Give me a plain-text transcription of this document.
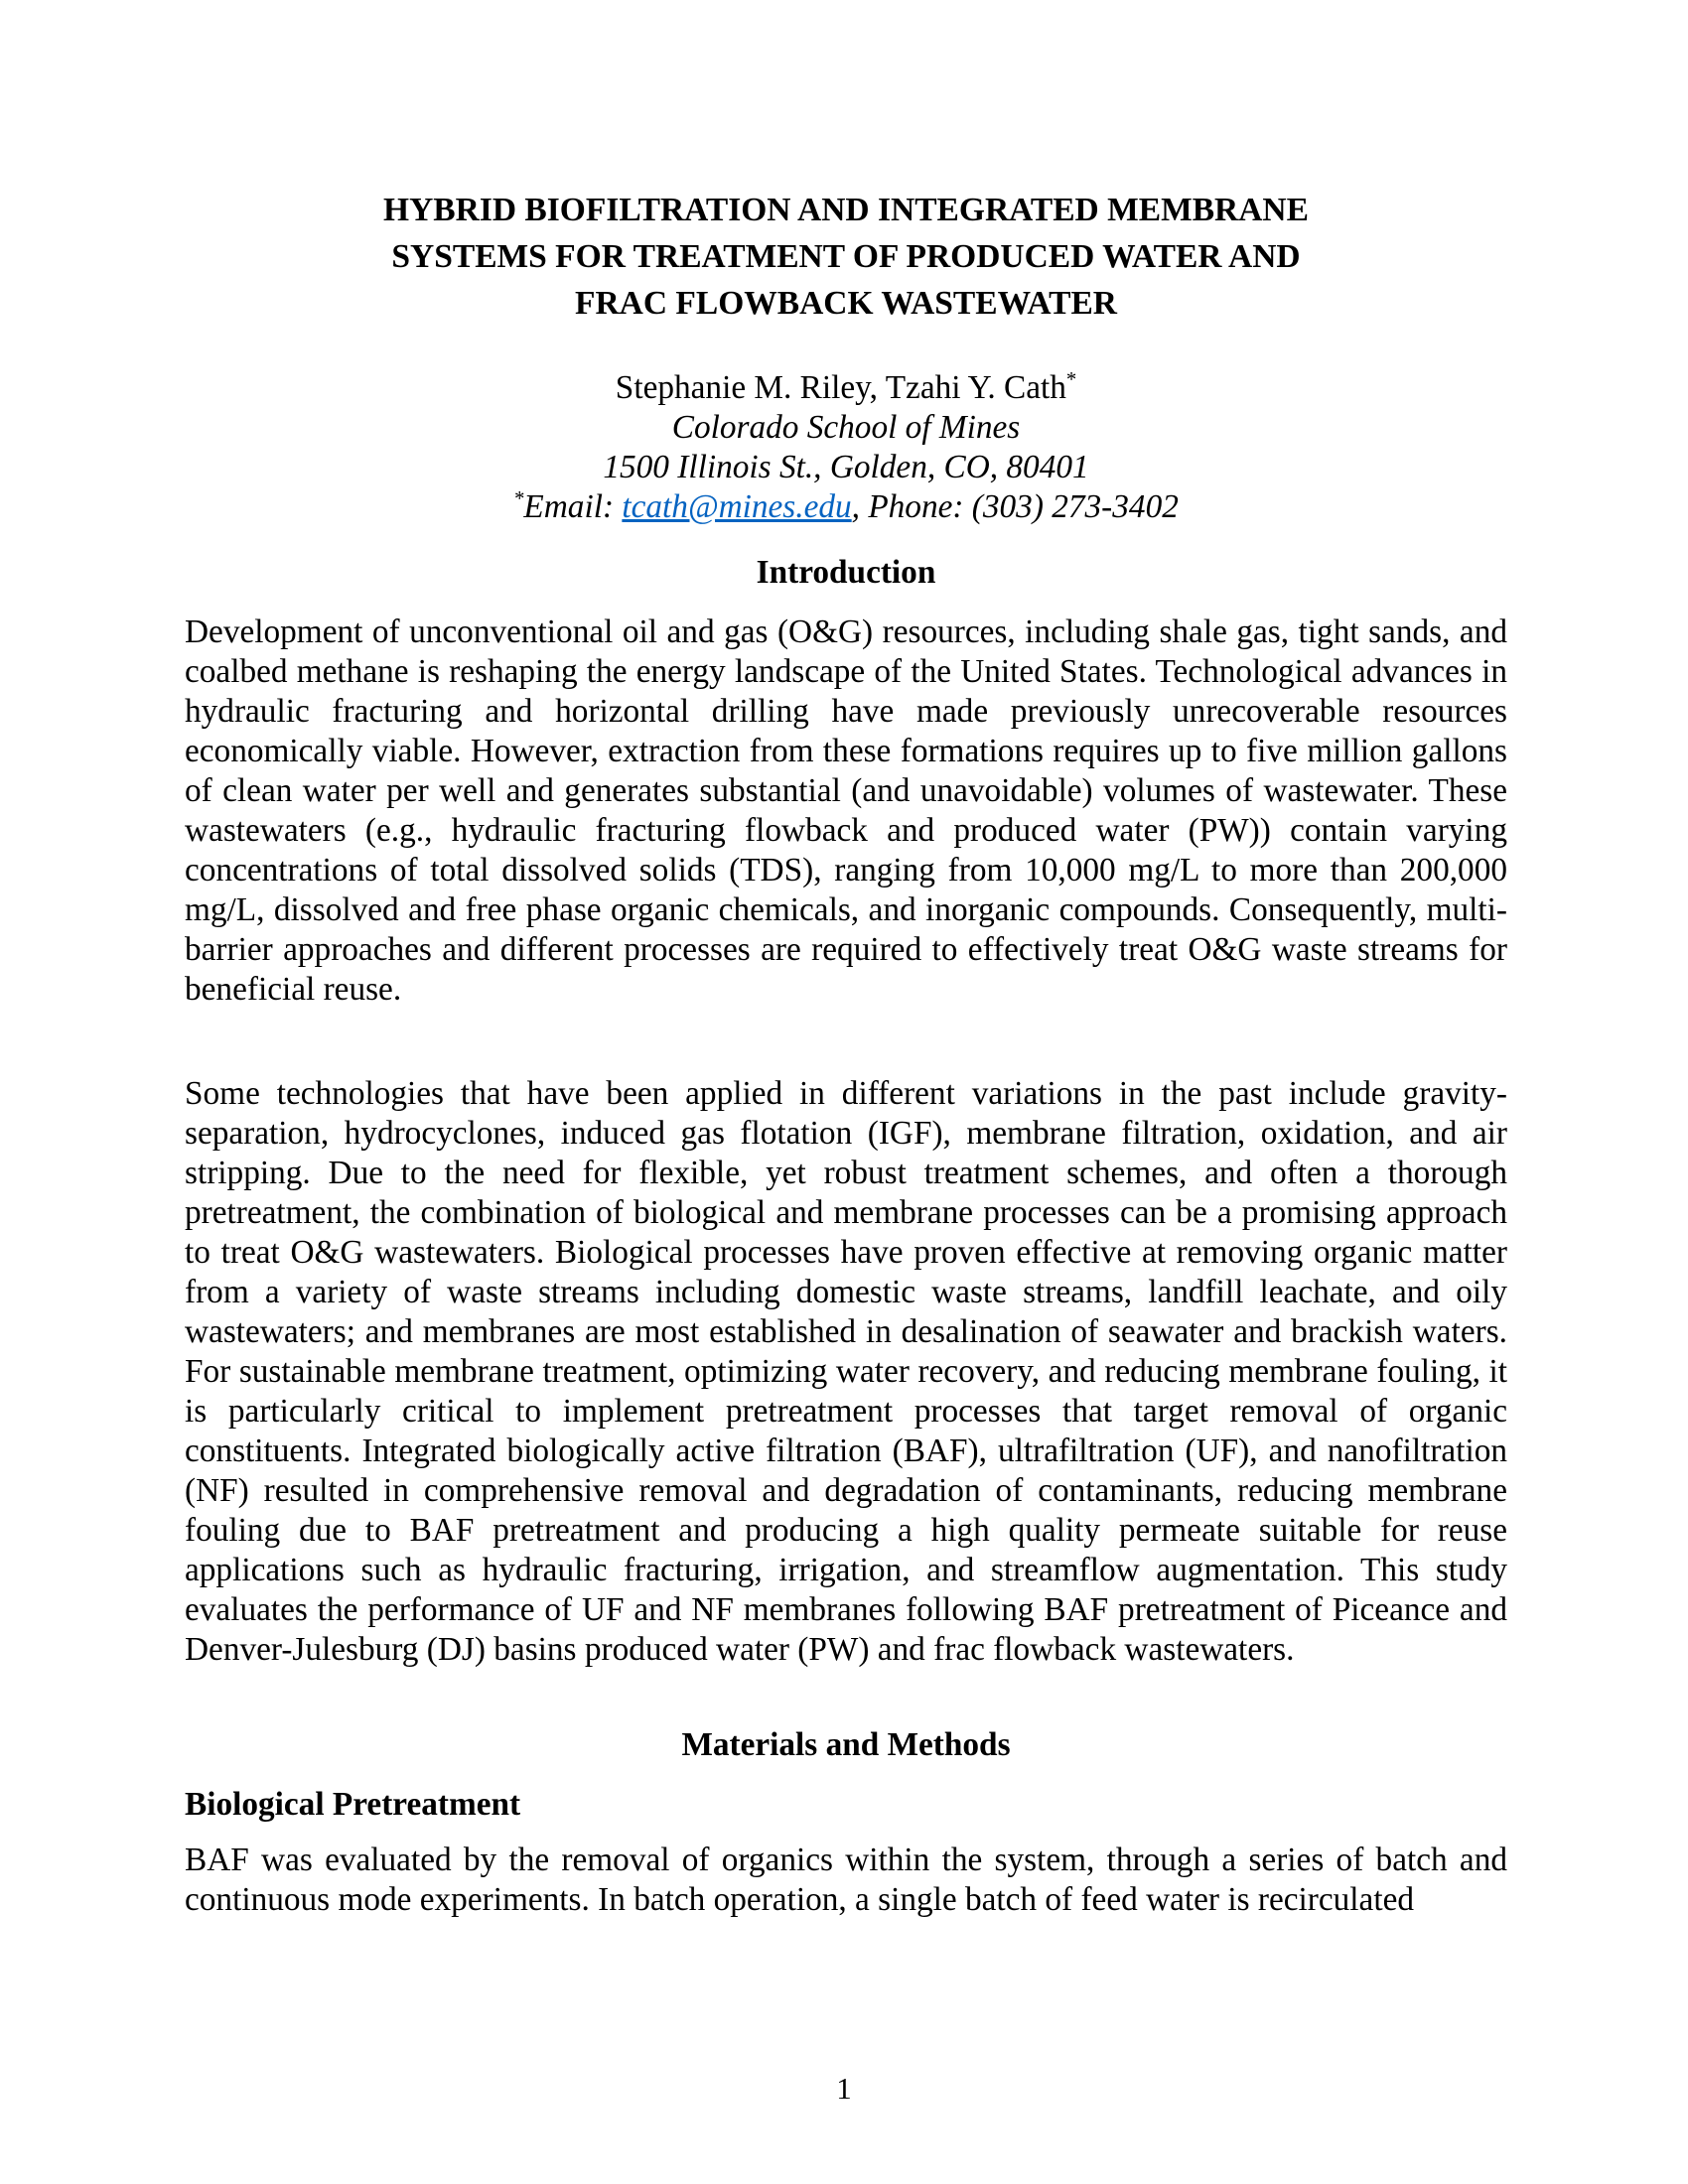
HYBRID BIOFILTRATION AND INTEGRATED MEMBRANE
SYSTEMS FOR TREATMENT OF PRODUCED WATER AND
FRAC FLOWBACK WASTEWATER
Stephanie M. Riley, Tzahi Y. Cath*
Colorado School of Mines
1500 Illinois St., Golden, CO, 80401
*Email: tcath@mines.edu, Phone: (303) 273-3402
Introduction

Development of unconventional oil and gas (O&G) resources, including shale gas, tight sands, and coalbed methane is reshaping the energy landscape of the United States. Technological advances in hydraulic fracturing and horizontal drilling have made previously unrecoverable resources economically viable. However, extraction from these formations requires up to five million gallons of clean water per well and generates substantial (and unavoidable) volumes of wastewater. These wastewaters (e.g., hydraulic fracturing flowback and produced water (PW)) contain varying concentrations of total dissolved solids (TDS), ranging from 10,000 mg/L to more than 200,000 mg/L, dissolved and free phase organic chemicals, and inorganic compounds. Consequently, multi-barrier approaches and different processes are required to effectively treat O&G waste streams for beneficial reuse.

Some technologies that have been applied in different variations in the past include gravity-separation, hydrocyclones, induced gas flotation (IGF), membrane filtration, oxidation, and air stripping. Due to the need for flexible, yet robust treatment schemes, and often a thorough pretreatment, the combination of biological and membrane processes can be a promising approach to treat O&G wastewaters. Biological processes have proven effective at removing organic matter from a variety of waste streams including domestic waste streams, landfill leachate, and oily wastewaters; and membranes are most established in desalination of seawater and brackish waters. For sustainable membrane treatment, optimizing water recovery, and reducing membrane fouling, it is particularly critical to implement pretreatment processes that target removal of organic constituents. Integrated biologically active filtration (BAF), ultrafiltration (UF), and nanofiltration (NF) resulted in comprehensive removal and degradation of contaminants, reducing membrane fouling due to BAF pretreatment and producing a high quality permeate suitable for reuse applications such as hydraulic fracturing, irrigation, and streamflow augmentation. This study evaluates the performance of UF and NF membranes following BAF pretreatment of Piceance and Denver-Julesburg (DJ) basins produced water (PW) and frac flowback wastewaters.

Materials and Methods
Biological Pretreatment

BAF was evaluated by the removal of organics within the system, through a series of batch and continuous mode experiments. In batch operation, a single batch of feed water is recirculated

1
